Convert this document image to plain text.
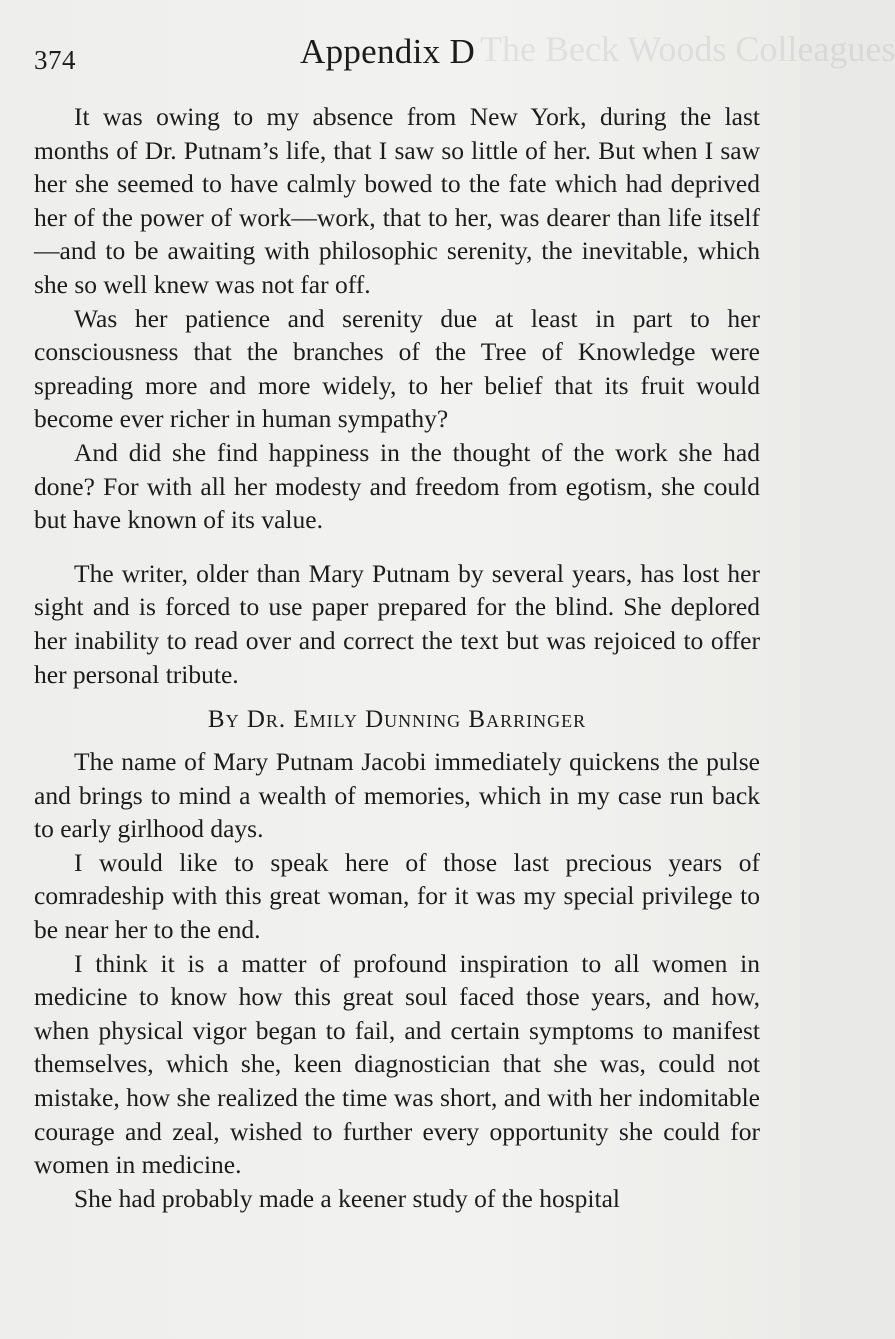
The Beck Woods Colleagues
374	Appendix D

It was owing to my absence from New York, during the last months of Dr. Putnam’s life, that I saw so little of her. But when I saw her she seemed to have calmly bowed to the fate which had deprived her of the power of work—work, that to her, was dearer than life itself—and to be awaiting with philosophic serenity, the inevitable, which she so well knew was not far off.

Was her patience and serenity due at least in part to her consciousness that the branches of the Tree of Knowledge were spreading more and more widely, to her belief that its fruit would become ever richer in human sympathy?

And did she find happiness in the thought of the work she had done? For with all her modesty and freedom from egotism, she could but have known of its value.

The writer, older than Mary Putnam by several years, has lost her sight and is forced to use paper prepared for the blind. She deplored her inability to read over and correct the text but was rejoiced to offer her personal tribute.

By Dr. Emily Dunning Barringer

The name of Mary Putnam Jacobi immediately quickens the pulse and brings to mind a wealth of memories, which in my case run back to early girlhood days.

I would like to speak here of those last precious years of comradeship with this great woman, for it was my special privilege to be near her to the end.

I think it is a matter of profound inspiration to all women in medicine to know how this great soul faced those years, and how, when physical vigor began to fail, and certain symptoms to manifest themselves, which she, keen diagnostician that she was, could not mistake, how she realized the time was short, and with her indomitable courage and zeal, wished to further every opportunity she could for women in medicine.

She had probably made a keener study of the hospital
